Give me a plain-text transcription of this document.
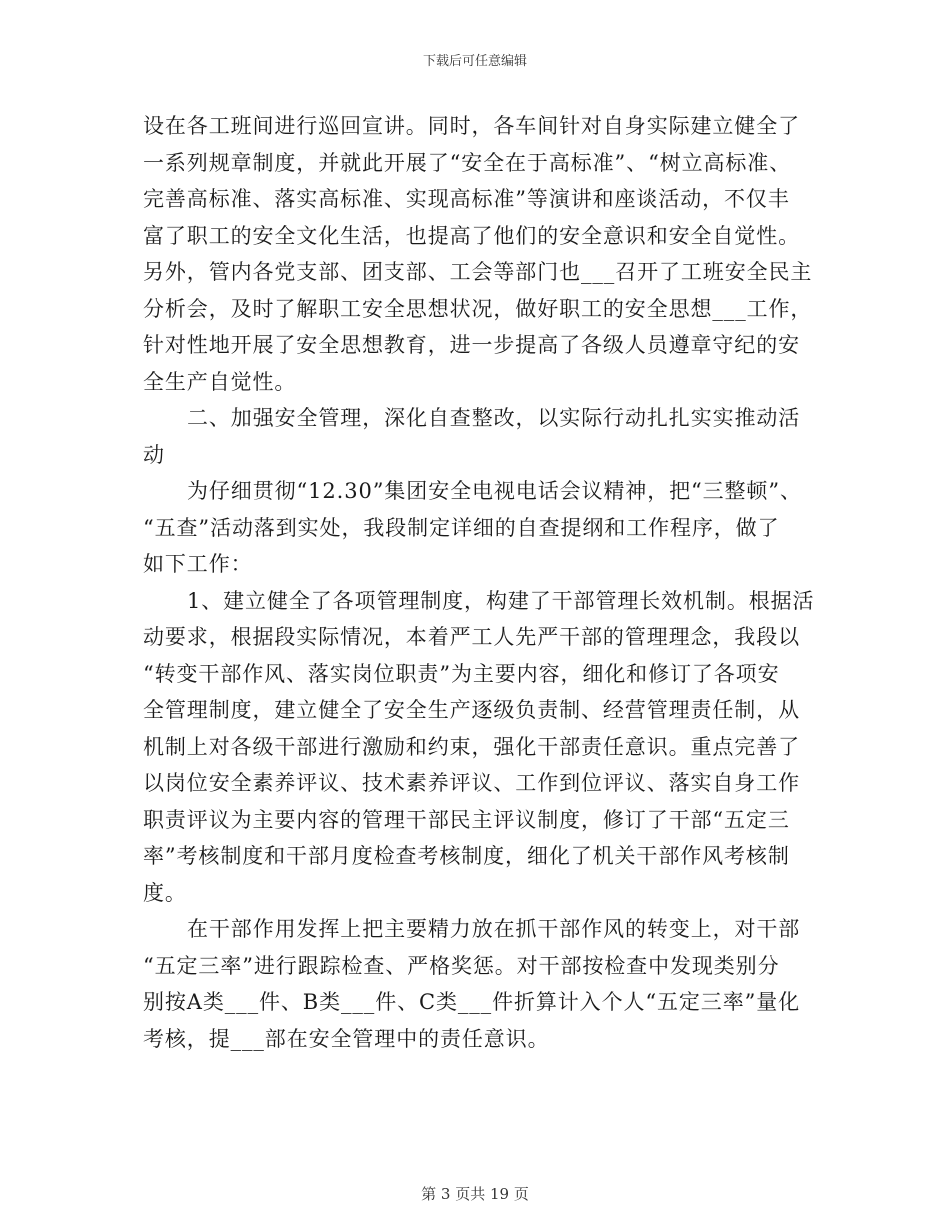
下载后可任意编辑
设在各工班间进行巡回宣讲。同时，各车间针对自身实际建立健全了
一系列规章制度，并就此开展了“安全在于高标准”、“树立高标准、
完善高标准、落实高标准、实现高标准”等演讲和座谈活动，不仅丰
富了职工的安全文化生活，也提高了他们的安全意识和安全自觉性。
另外，管内各党支部、团支部、工会等部门也___召开了工班安全民主
分析会，及时了解职工安全思想状况，做好职工的安全思想___工作，
针对性地开展了安全思想教育，进一步提高了各级人员遵章守纪的安
全生产自觉性。
二、加强安全管理，深化自查整改，以实际行动扎扎实实推动活
动
为仔细贯彻“12.30”集团安全电视电话会议精神，把“三整顿”、
“五查”活动落到实处，我段制定详细的自查提纲和工作程序，做了
如下工作：
1、建立健全了各项管理制度，构建了干部管理长效机制。根据活
动要求，根据段实际情况，本着严工人先严干部的管理理念，我段以
“转变干部作风、落实岗位职责”为主要内容，细化和修订了各项安
全管理制度，建立健全了安全生产逐级负责制、经营管理责任制，从
机制上对各级干部进行激励和约束，强化干部责任意识。重点完善了
以岗位安全素养评议、技术素养评议、工作到位评议、落实自身工作
职责评议为主要内容的管理干部民主评议制度，修订了干部“五定三
率”考核制度和干部月度检查考核制度，细化了机关干部作风考核制
度。
在干部作用发挥上把主要精力放在抓干部作风的转变上，对干部
“五定三率”进行跟踪检查、严格奖惩。对干部按检查中发现类别分
别按A类___件、B类___件、C类___件折算计入个人“五定三率”量化
考核，提___部在安全管理中的责任意识。
第 3 页共 19 页
